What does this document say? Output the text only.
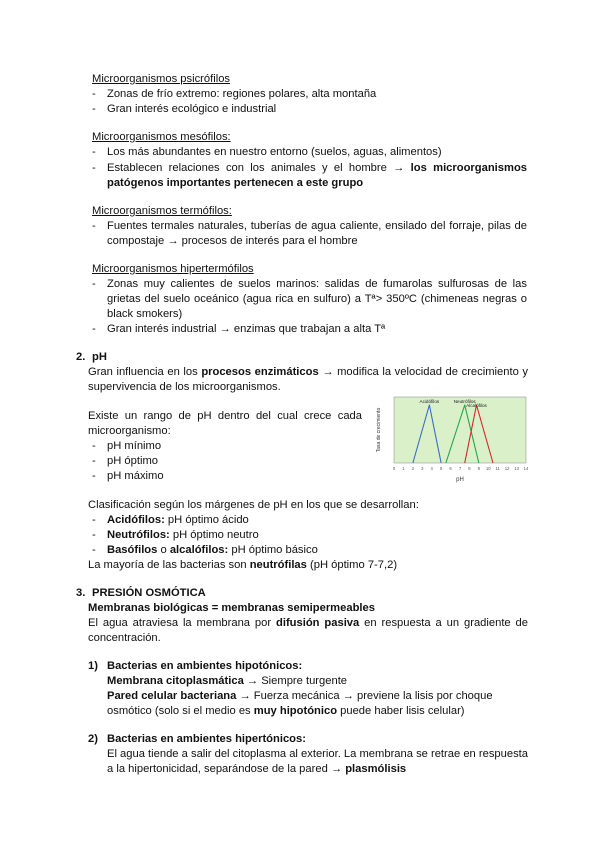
Microorganismos psicrófilos
- Zonas de frío extremo: regiones polares, alta montaña
- Gran interés ecológico e industrial
Microorganismos mesófilos:
- Los más abundantes en nuestro entorno (suelos, aguas, alimentos)
- Establecen relaciones con los animales y el hombre → los microorganismos
patógenos importantes pertenecen a este grupo
Microorganismos termófilos:
- Fuentes termales naturales, tuberías de agua caliente, ensilado del forraje, pilas de
compostaje → procesos de interés para el hombre
Microorganismos hipertermófilos
- Zonas muy calientes de suelos marinos: salidas de fumarolas sulfurosas de las
grietas del suelo oceánico (agua rica en sulfuro) a Tª> 350ºC (chimeneas negras o
black smokers)
- Gran interés industrial → enzimas que trabajan a alta Tª
2. pH
Gran influencia en los procesos enzimáticos → modifica la velocidad de crecimiento y
supervivencia de los microorganismos.
Existe un rango de pH dentro del cual crece cada
microorganismo:
- pH mínimo
- pH óptimo
- pH máximo
Tasa de crecimiento
pH
0 1 2 3 4 5 6 7 8 9 10 11 12 13 14
Acidófilos	Neutrófilos
Alcalófilos
Clasificación según los márgenes de pH en los que se desarrollan:
- Acidófilos: pH óptimo ácido
- Neutrófilos: pH óptimo neutro
- Basófilos o alcalófilos: pH óptimo básico
La mayoría de las bacterias son neutrófilas (pH óptimo 7-7,2)
3. PRESIÓN OSMÓTICA
Membranas biológicas = membranas semipermeables
El agua atraviesa la membrana por difusión pasiva en respuesta a un gradiente de
concentración.
1) Bacterias en ambientes hipotónicos:
Membrana citoplasmática → Siempre turgente
Pared celular bacteriana → Fuerza mecánica → previene la lisis por choque
osmótico (solo si el medio es muy hipotónico puede haber lisis celular)
2) Bacterias en ambientes hipertónicos:
El agua tiende a salir del citoplasma al exterior. La membrana se retrae en respuesta
a la hipertonicidad, separándose de la pared → plasmólisis
